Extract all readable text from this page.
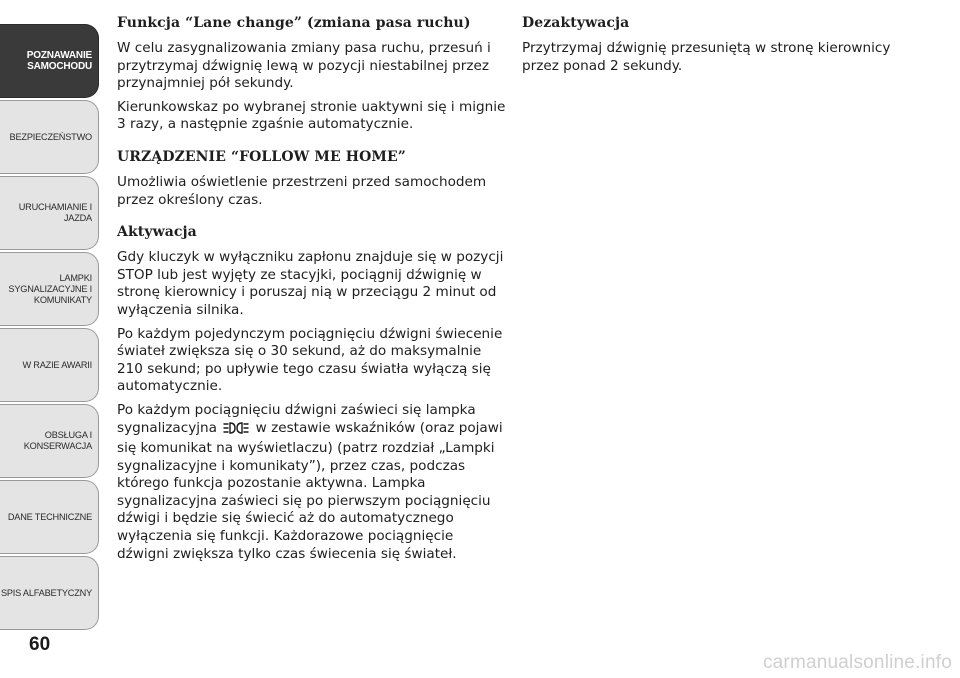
POZNAWANIE
SAMOCHODU
BEZPIECZEŃSTWO
URUCHAMIANIE I
JAZDA
LAMPKI
SYGNALIZACYJNE I
KOMUNIKATY
W RAZIE AWARII
OBSŁUGA I
KONSERWACJA
DANE TECHNICZNE
SPIS ALFABETYCZNY
60
Funkcja “Lane change” (zmiana pasa ruchu)

W celu zasygnalizowania zmiany pasa ruchu, przesuń i przytrzymaj dźwignię lewą w pozycji niestabilnej przez przynajmniej pół sekundy.

Kierunkowskaz po wybranej stronie uaktywni się i mignie 3 razy, a następnie zgaśnie automatycznie.

URZĄDZENIE “FOLLOW ME HOME”

Umożliwia oświetlenie przestrzeni przed samochodem przez określony czas.

Aktywacja

Gdy kluczyk w wyłączniku zapłonu znajduje się w pozycji STOP lub jest wyjęty ze stacyjki, pociągnij dźwignię w stronę kierownicy i poruszaj nią w przeciągu 2 minut od wyłączenia silnika.

Po każdym pojedynczym pociągnięciu dźwigni świecenie świateł zwiększa się o 30 sekund, aż do maksymalnie 210 sekund; po upływie tego czasu światła wyłączą się automatycznie.

Po każdym pociągnięciu dźwigni zaświeci się lampka sygnalizacyjna	w zestawie wskaźników (oraz pojawi się komunikat na wyświetlaczu) (patrz rozdział „Lampki sygnalizacyjne i komunikaty”), przez czas, podczas którego funkcja pozostanie aktywna. Lampka sygnalizacyjna zaświeci się po pierwszym pociągnięciu dźwigi i będzie się świecić aż do automatycznego wyłączenia się funkcji. Każdorazowe pociągnięcie dźwigni zwiększa tylko czas świecenia się świateł.

Dezaktywacja

Przytrzymaj dźwignię przesuniętą w stronę kierownicy przez ponad 2 sekundy.

carmanualsonline.info
